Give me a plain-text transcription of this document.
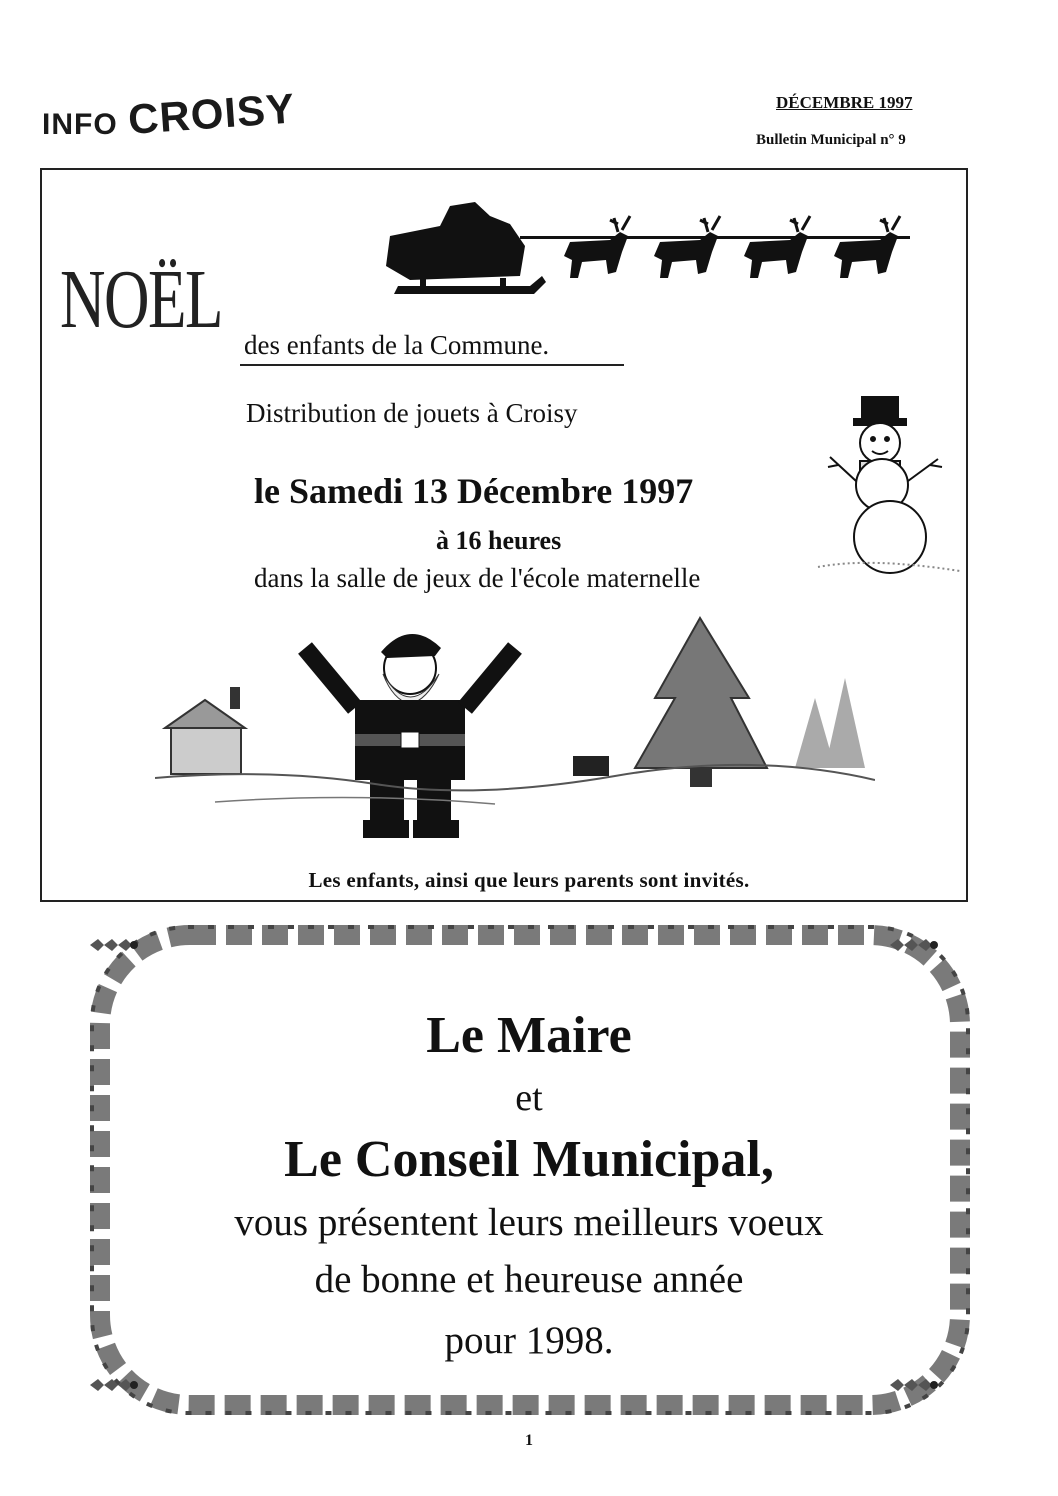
INFO CROISY	DÉCEMBRE 1997
Bulletin Municipal n° 9
NOËL des enfants de la Commune.
Distribution de jouets à Croisy
le Samedi 13 Décembre 1997
à 16 heures
dans la salle de jeux de l'école maternelle
Les enfants, ainsi que leurs parents sont invités.
Le Maire
et
Le Conseil Municipal,
vous présentent leurs meilleurs voeux
de bonne et heureuse année
pour 1998.
1
